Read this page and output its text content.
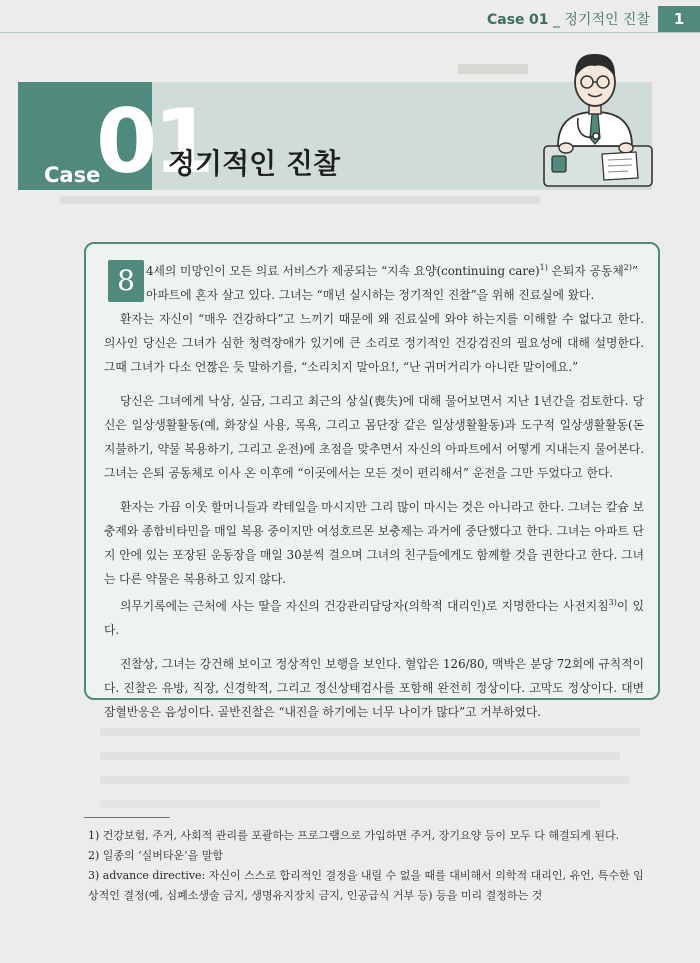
Case 01 _ 정기적인 진찰	1
01
Case 정기적인 진찰
8 4세의 미망인이 모든 의료 서비스가 제공되는 “지속 요양(continuing care)$^{1)}$ 은퇴자 공동체$^{2)}$”
아파트에 혼자 살고 있다. 그녀는 “매년 실시하는 정기적인 진찰”을 위해 진료실에 왔다.

환자는 자신이 “매우 건강하다”고 느끼기 때문에 왜 진료실에 와야 하는지를 이해할 수 없다고 한다. 의사인 당신은 그녀가 심한 청력장애가 있기에 큰 소리로 정기적인 건강검진의 필요성에 대해 설명한다. 그때 그녀가 다소 언짢은 듯 말하기를, “소리치지 말아요!, “난 귀머거리가 아니란 말이에요.”

당신은 그녀에게 낙상, 실금, 그리고 최근의 상실(喪失)에 대해 물어보면서 지난 1년간을 검토한다. 당신은 일상생활활동(예, 화장실 사용, 목욕, 그리고 몸단장 같은 일상생활활동)과 도구적 일상생활활동(돈 지불하기, 약물 복용하기, 그리고 운전)에 초점을 맞추면서 자신의 아파트에서 어떻게 지내는지 물어본다. 그녀는 은퇴 공동체로 이사 온 이후에 “이곳에서는 모든 것이 편리해서” 운전을 그만 두었다고 한다.

환자는 가끔 이웃 할머니들과 칵테일을 마시지만 그리 많이 마시는 것은 아니라고 한다. 그녀는 칼슘 보충제와 종합비타민을 매일 복용 중이지만 여성호르몬 보충제는 과거에 중단했다고 한다. 그녀는 아파트 단지 안에 있는 포장된 운동장을 매일 30분씩 걸으며 그녀의 친구들에게도 함께할 것을 권한다고 한다. 그녀는 다른 약물은 복용하고 있지 않다.

의무기록에는 근처에 사는 딸을 자신의 건강관리담당자(의학적 대리인)로 지명한다는 사전지침$^{3)}$이 있다.

진찰상, 그녀는 강건해 보이고 정상적인 보행을 보인다. 혈압은 126/80, 맥박은 분당 72회에 규칙적이다. 진찰은 유방, 직장, 신경학적, 그리고 정신상태검사를 포함해 완전히 정상이다. 고막도 정상이다. 대변잠혈반응은 음성이다. 골반진찰은 “내진을 하기에는 너무 나이가 많다”고 거부하였다.

1) 건강보험, 주거, 사회적 관리를 포괄하는 프로그램으로 가입하면 주거, 장기요양 등이 모두 다 해결되게 된다.

2) 일종의 ‘실버타운’을 말함

3) advance directive: 자신이 스스로 합리적인 결정을 내릴 수 없을 때를 대비해서 의학적 대리인, 유언, 특수한 임상적인 결정(예, 심폐소생술 금지, 생명유지장치 금지, 인공급식 거부 등) 등을 미리 결정하는 것
